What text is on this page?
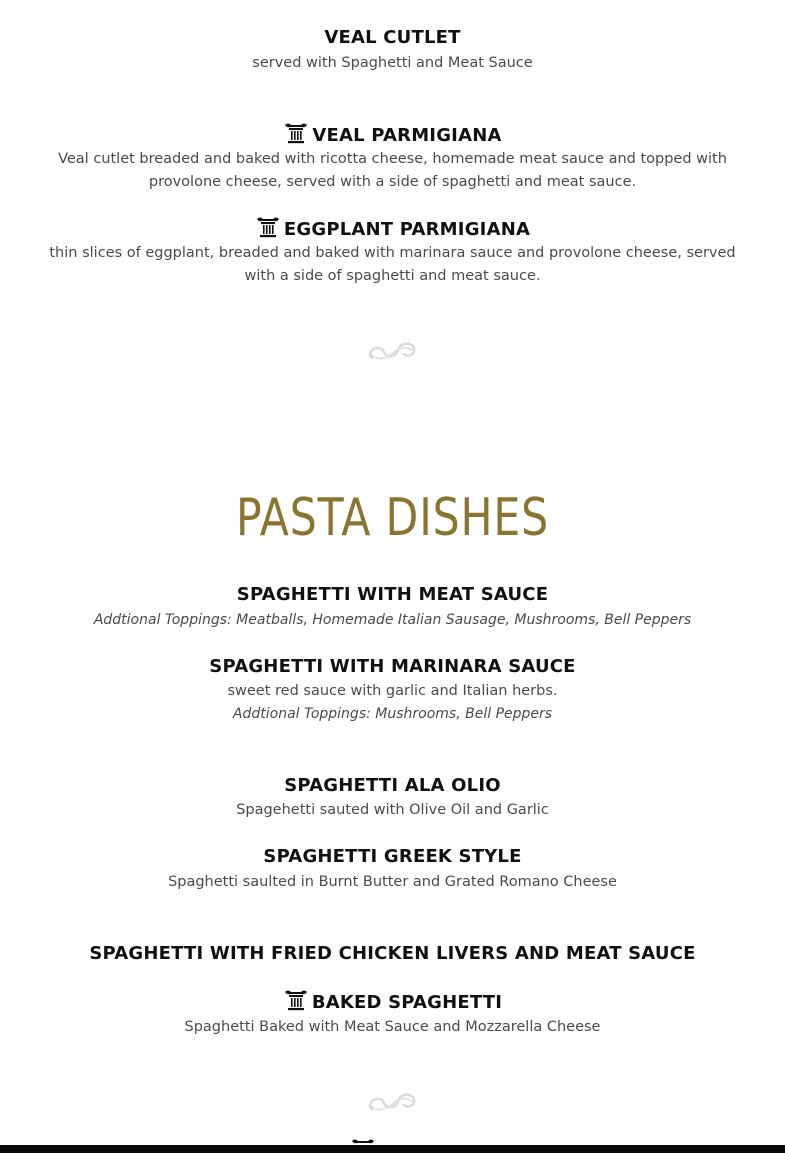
VEAL CUTLET
served with Spaghetti and Meat Sauce
VEAL PARMIGIANA
Veal cutlet breaded and baked with ricotta cheese, homemade meat sauce and topped with provolone cheese, served with a side of spaghetti and meat sauce.
EGGPLANT PARMIGIANA
thin slices of eggplant, breaded and baked with marinara sauce and provolone cheese, served with a side of spaghetti and meat sauce.
PASTA DISHES
SPAGHETTI WITH MEAT SAUCE
Addtional Toppings: Meatballs, Homemade Italian Sausage, Mushrooms, Bell Peppers
SPAGHETTI WITH MARINARA SAUCE
sweet red sauce with garlic and Italian herbs.
Addtional Toppings: Mushrooms, Bell Peppers
SPAGHETTI ALA OLIO
Spagehetti sauted with Olive Oil and Garlic
SPAGHETTI GREEK STYLE
Spaghetti saulted in Burnt Butter and Grated Romano Cheese
SPAGHETTI WITH FRIED CHICKEN LIVERS AND MEAT SAUCE
BAKED SPAGHETTI
Spaghetti Baked with Meat Sauce and Mozzarella Cheese
